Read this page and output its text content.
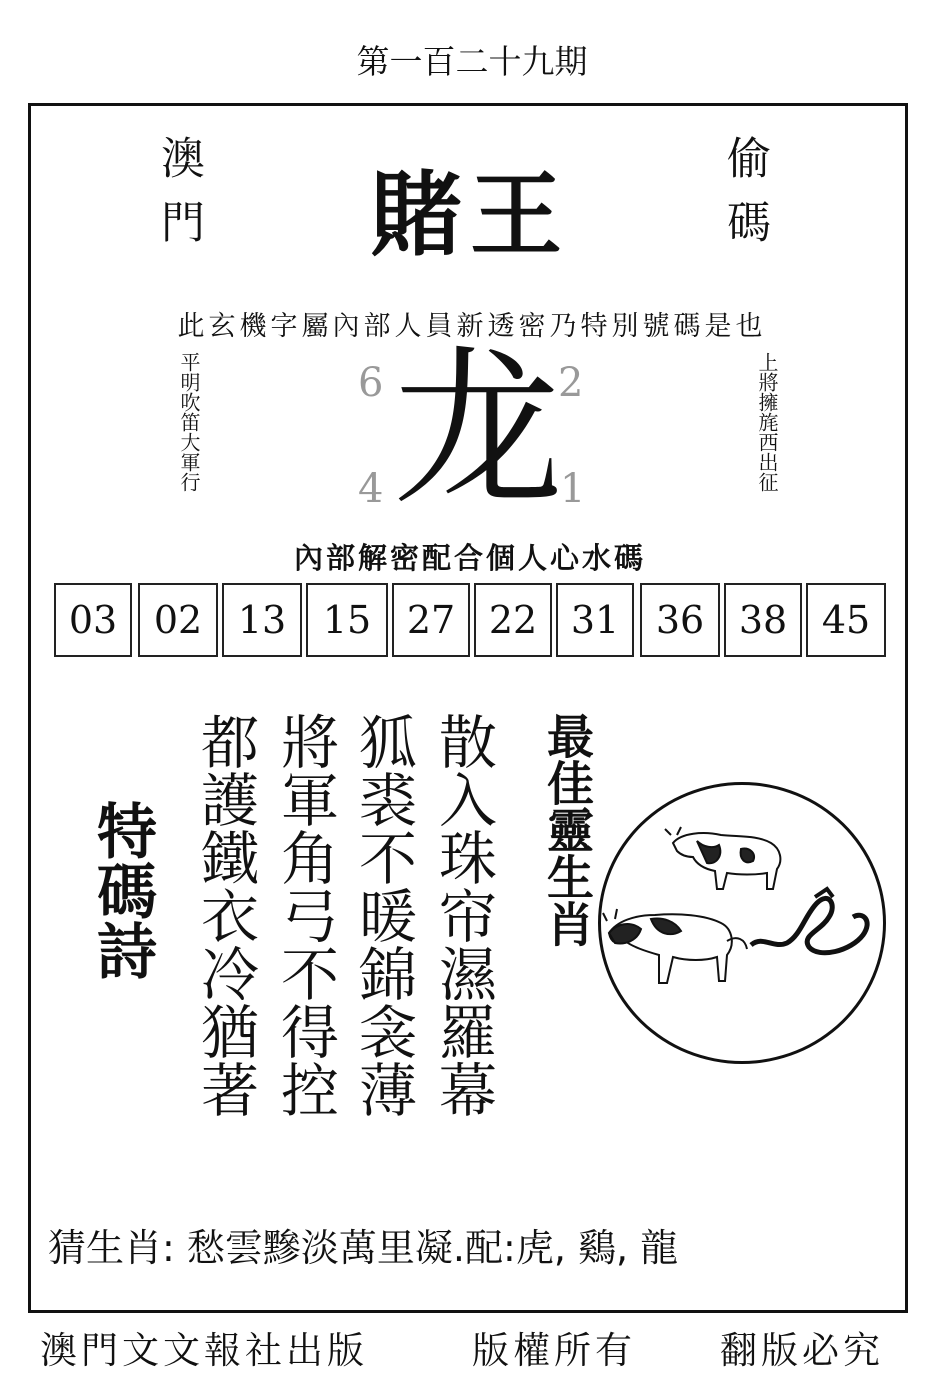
第一百二十九期
澳門 賭王	偷碼
此玄機字屬內部人員新透密乃特別號碼是也
平明吹笛大軍行	上將擁旄西出征
6	2
4	1
龙
內部解密配合個人心水碼
03 02 13 15 27 22 31 36 38 45
特碼詩	散入珠帘濕羅幕
狐裘不暖錦衾薄
將軍角弓不得控
都護鐵衣冷猶著	最佳靈生肖
猜生肖: 愁雲黲淡萬里凝.配:虎, 鷄, 龍
澳門文文報社出版	版權所有 翻版必究
